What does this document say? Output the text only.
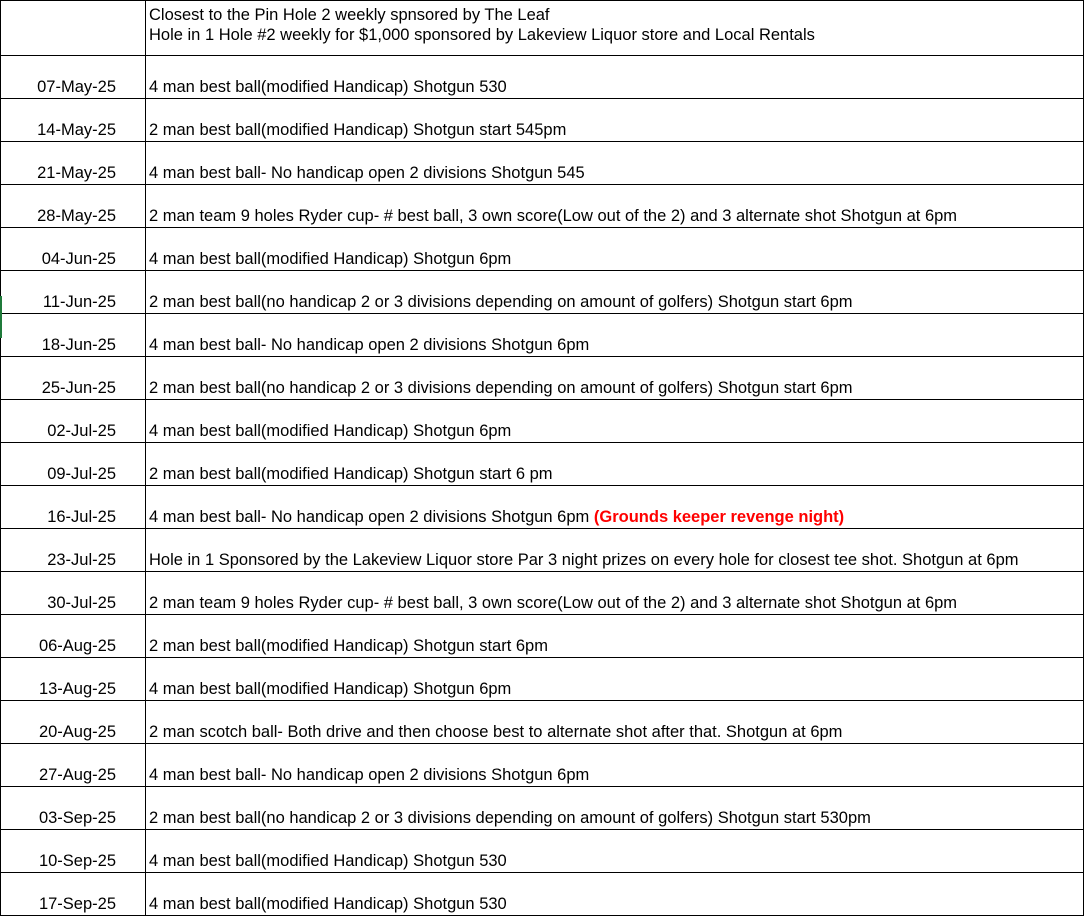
	Closest to the Pin Hole 2 weekly spnsored by The Leaf
Hole in 1 Hole #2 weekly for $1,000 sponsored by Lakeview Liquor store and Local Rentals

07-May-25	4 man best ball(modified Handicap) Shotgun 530
14-May-25	2 man best ball(modified Handicap) Shotgun start 545pm
21-May-25	4 man best ball- No handicap open 2 divisions Shotgun 545
28-May-25	2 man team 9 holes Ryder cup- # best ball, 3 own score(Low out of the 2) and 3 alternate shot Shotgun at 6pm
04-Jun-25	4 man best ball(modified Handicap) Shotgun 6pm
11-Jun-25	2 man best ball(no handicap 2 or 3 divisions depending on amount of golfers) Shotgun start 6pm
18-Jun-25	4 man best ball- No handicap open 2 divisions Shotgun 6pm
25-Jun-25	2 man best ball(no handicap 2 or 3 divisions depending on amount of golfers) Shotgun start 6pm
02-Jul-25	4 man best ball(modified Handicap) Shotgun 6pm
09-Jul-25	2 man best ball(modified Handicap) Shotgun start 6 pm
16-Jul-25	4 man best ball- No handicap open 2 divisions Shotgun 6pm (Grounds keeper revenge night)
23-Jul-25	Hole in 1 Sponsored by the Lakeview Liquor store Par 3 night prizes on every hole for closest tee shot. Shotgun at 6pm
30-Jul-25	2 man team 9 holes Ryder cup- # best ball, 3 own score(Low out of the 2) and 3 alternate shot Shotgun at 6pm
06-Aug-25	2 man best ball(modified Handicap) Shotgun start 6pm
13-Aug-25	4 man best ball(modified Handicap) Shotgun 6pm
20-Aug-25	2 man scotch ball- Both drive and then choose best to alternate shot after that. Shotgun at 6pm
27-Aug-25	4 man best ball- No handicap open 2 divisions Shotgun 6pm
03-Sep-25	2 man best ball(no handicap 2 or 3 divisions depending on amount of golfers) Shotgun start 530pm
10-Sep-25	4 man best ball(modified Handicap) Shotgun 530
17-Sep-25	4 man best ball(modified Handicap) Shotgun 530
